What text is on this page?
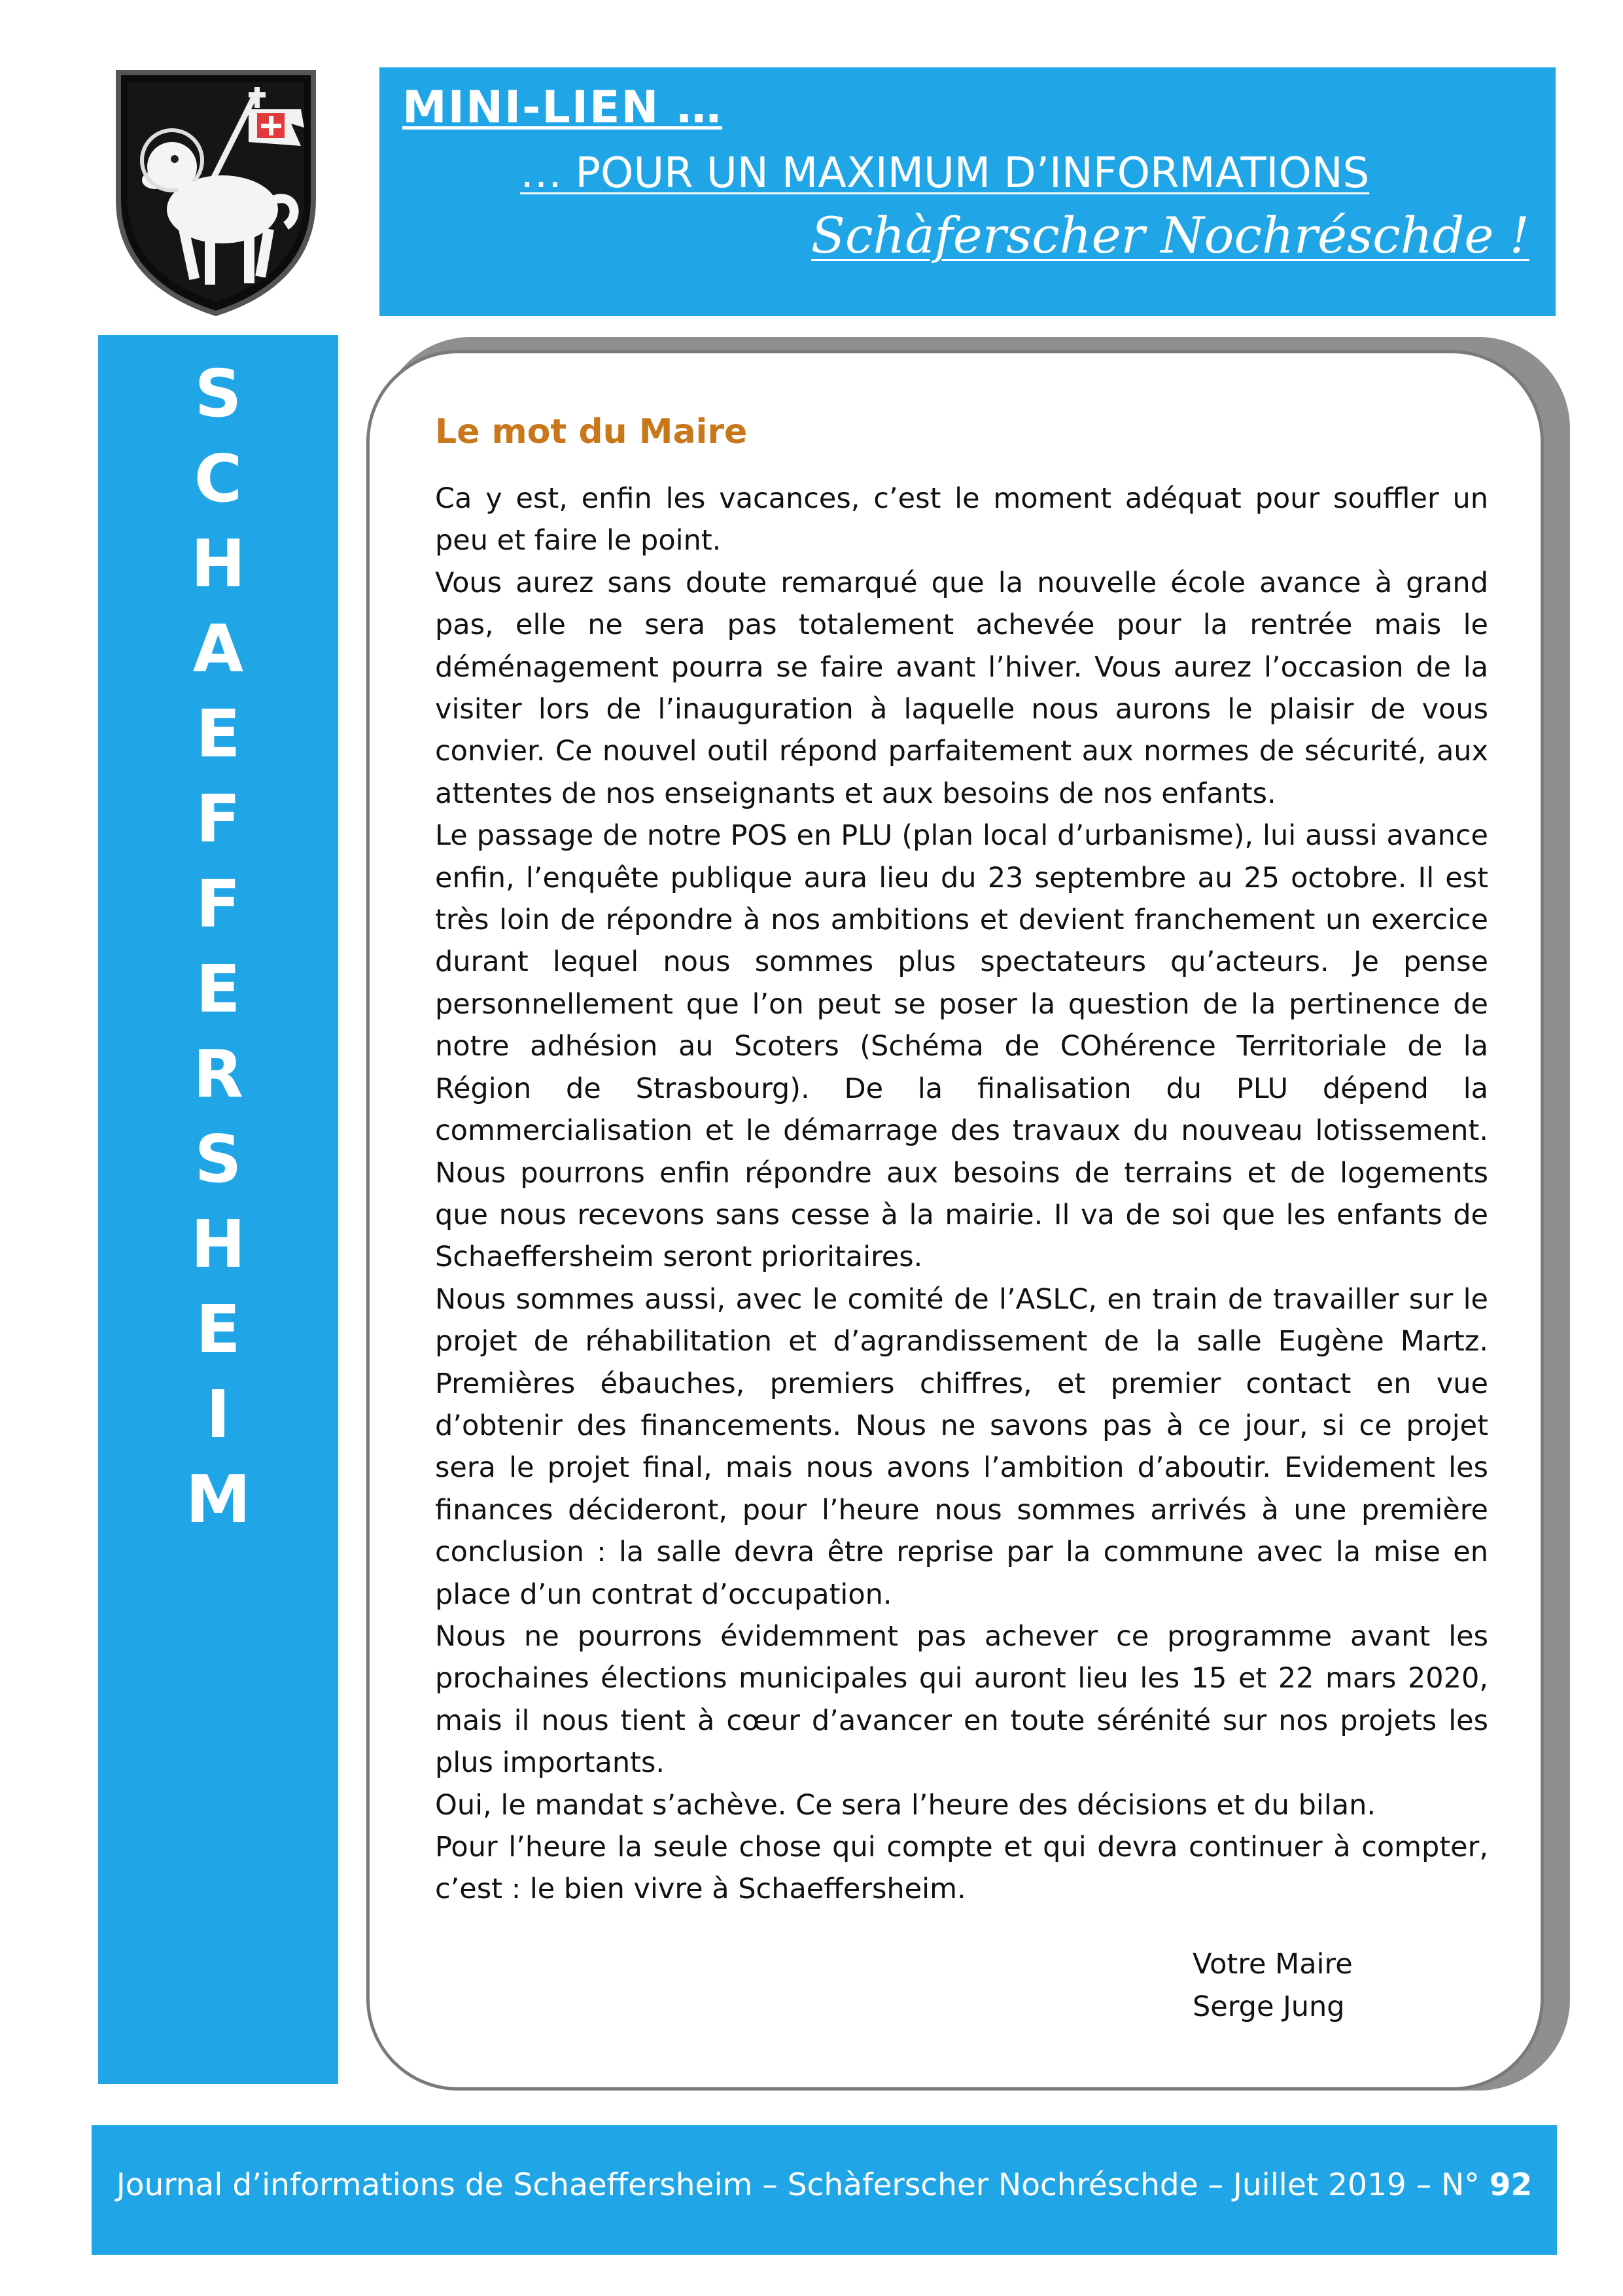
MINI-LIEN …
… POUR UN MAXIMUM D’INFORMATIONS
Schàferscher Nochréschde !
S
C
H
A
E
F
F
E
R
S
H
E
I
M
Le mot du Maire

Ca y est, enfin les vacances, c’est le moment adéquat pour souffler un peu et faire le point.

Vous aurez sans doute remarqué que la nouvelle école avance à grand pas, elle ne sera pas totalement achevée pour la rentrée mais le déménagement pourra se faire avant l’hiver. Vous aurez l’occasion de la visiter lors de l’inauguration à laquelle nous aurons le plaisir de vous convier. Ce nouvel outil répond parfaitement aux normes de sécurité, aux attentes de nos enseignants et aux besoins de nos enfants.

Le passage de notre POS en PLU (plan local d’urbanisme), lui aussi avance enfin, l’enquête publique aura lieu du 23 septembre au 25 octobre. Il est très loin de répondre à nos ambitions et devient franchement un exercice durant lequel nous sommes plus spectateurs qu’acteurs. Je pense personnellement que l’on peut se poser la question de la pertinence de notre adhésion au Scoters (Schéma de COhérence Territoriale de la Région de Strasbourg). De la finalisation du PLU dépend la commercialisation et le démarrage des travaux du nouveau lotissement. Nous pourrons enfin répondre aux besoins de terrains et de logements que nous recevons sans cesse à la mairie. Il va de soi que les enfants de Schaeffersheim seront prioritaires.

Nous sommes aussi, avec le comité de l’ASLC, en train de travailler sur le projet de réhabilitation et d’agrandissement de la salle Eugène Martz. Premières ébauches, premiers chiffres, et premier contact en vue d’obtenir des financements. Nous ne savons pas à ce jour, si ce projet sera le projet final, mais nous avons l’ambition d’aboutir. Evidement les finances décideront, pour l’heure nous sommes arrivés à une première conclusion : la salle devra être reprise par la commune avec la mise en place d’un contrat d’occupation.

Nous ne pourrons évidemment pas achever ce programme avant les prochaines élections municipales qui auront lieu les 15 et 22 mars 2020, mais il nous tient à cœur d’avancer en toute sérénité sur nos projets les plus importants.

Oui, le mandat s’achève. Ce sera l’heure des décisions et du bilan.

Pour l’heure la seule chose qui compte et qui devra continuer à compter, c’est : le bien vivre à Schaeffersheim.

Votre Maire
Serge Jung
Journal d’informations de Schaeffersheim – Schàferscher Nochréschde – Juillet 2019 – N° 92
